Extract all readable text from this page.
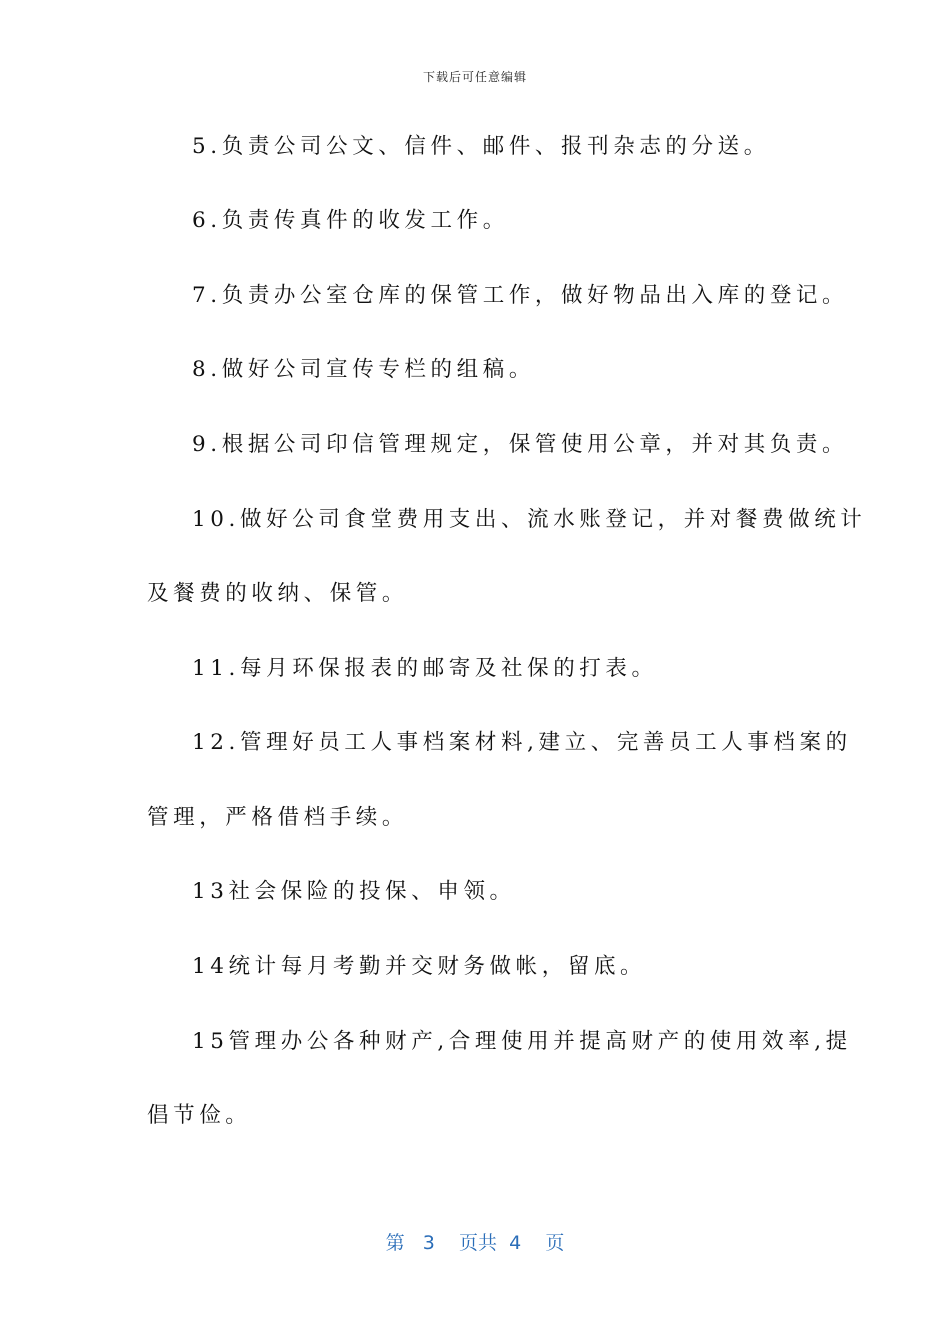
下载后可任意编辑
5.负责公司公文、信件、邮件、报刊杂志的分送。
6.负责传真件的收发工作。
7.负责办公室仓库的保管工作，做好物品出入库的登记。
8.做好公司宣传专栏的组稿。
9.根据公司印信管理规定，保管使用公章，并对其负责。
10.做好公司食堂费用支出、流水账登记，并对餐费做统计
及餐费的收纳、保管。
11.每月环保报表的邮寄及社保的打表。
12.管理好员工人事档案材料,建立、完善员工人事档案的
管理，严格借档手续。
13社会保险的投保、申领。
14统计每月考勤并交财务做帐，留底。
15管理办公各种财产,合理使用并提高财产的使用效率,提
倡节俭。
第 3 页共 4 页
